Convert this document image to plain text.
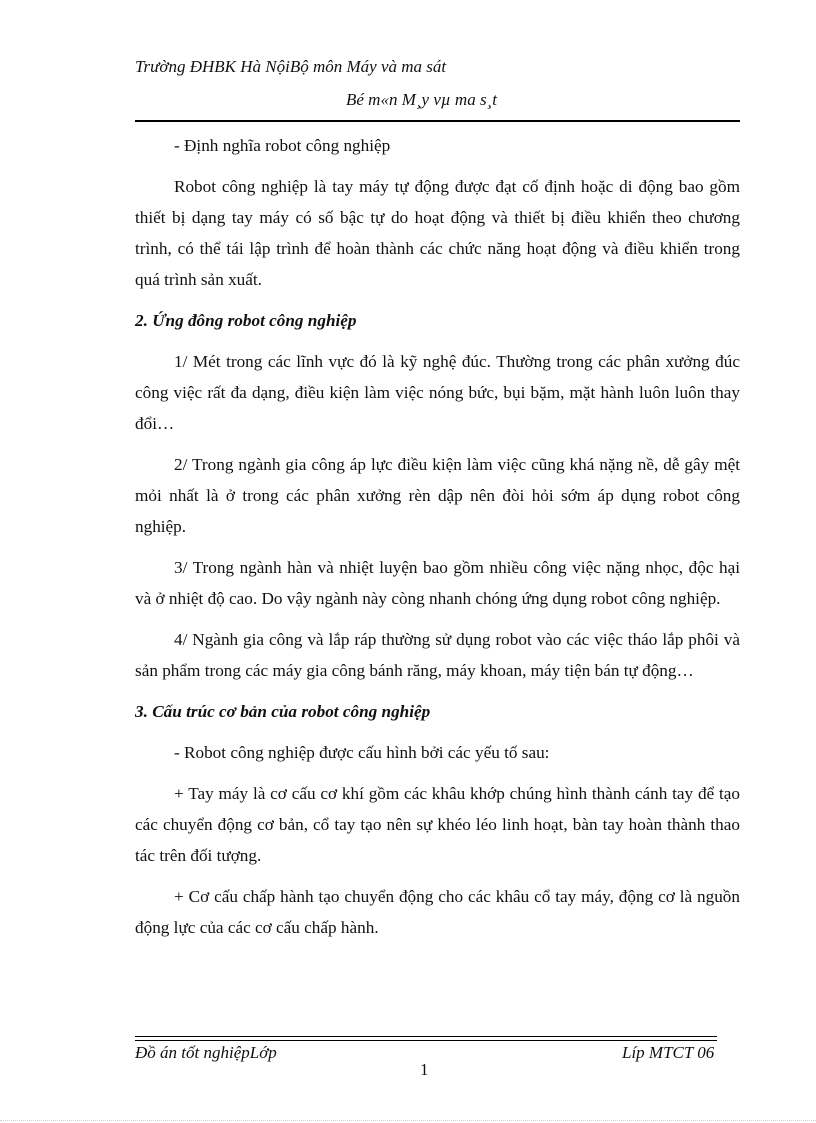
Trường ĐHBK Hà NộiBộ môn Máy và ma sát
Bé m«n M¸y vµ ma s¸t

- Định nghĩa robot công nghiệp

Robot công nghiệp là tay máy tự động được đạt cố định hoặc di động bao gồm thiết bị dạng tay máy có số bậc tự do hoạt động và thiết bị điều khiển theo chương trình, có thể tái lập trình để hoàn thành các chức năng hoạt động và điều khiển trong quá trình sản xuất.

2. Ứng đông robot công nghiệp

1/ Mét trong các lĩnh vực đó là kỹ nghệ đúc. Thường trong các phân xưởng đúc công việc rất đa dạng, điều kiện làm việc nóng bức, bụi bặm, mặt hành luôn luôn thay đổi…

2/ Trong ngành gia công áp lực điều kiện làm việc cũng khá nặng nề, dễ gây mệt mỏi nhất là ở trong các phân xưởng rèn dập nên đòi hỏi sớm áp dụng robot công nghiệp.

3/ Trong ngành hàn và nhiệt luyện bao gồm nhiều công việc nặng nhọc, độc hại và ở nhiệt độ cao. Do vậy ngành này còng nhanh chóng ứng dụng robot công nghiệp.

4/ Ngành gia công và lắp ráp thường sử dụng robot vào các việc tháo lắp phôi và sản phẩm trong các máy gia công bánh răng, máy khoan, máy tiện bán tự động…

3. Cấu trúc cơ bản của robot công nghiệp

- Robot công nghiệp được cấu hình bởi các yếu tố sau:

+ Tay máy là cơ cấu cơ khí gồm các khâu khớp chúng hình thành cánh tay để tạo các chuyển động cơ bản, cổ tay tạo nên sự khéo léo linh hoạt, bàn tay hoàn thành thao tác trên đối tượng.

+ Cơ cấu chấp hành tạo chuyển động cho các khâu cổ tay máy, động cơ là nguồn động lực của các cơ cấu chấp hành.

Đồ án tốt nghiệpLớp	Líp MTCT 06
1
